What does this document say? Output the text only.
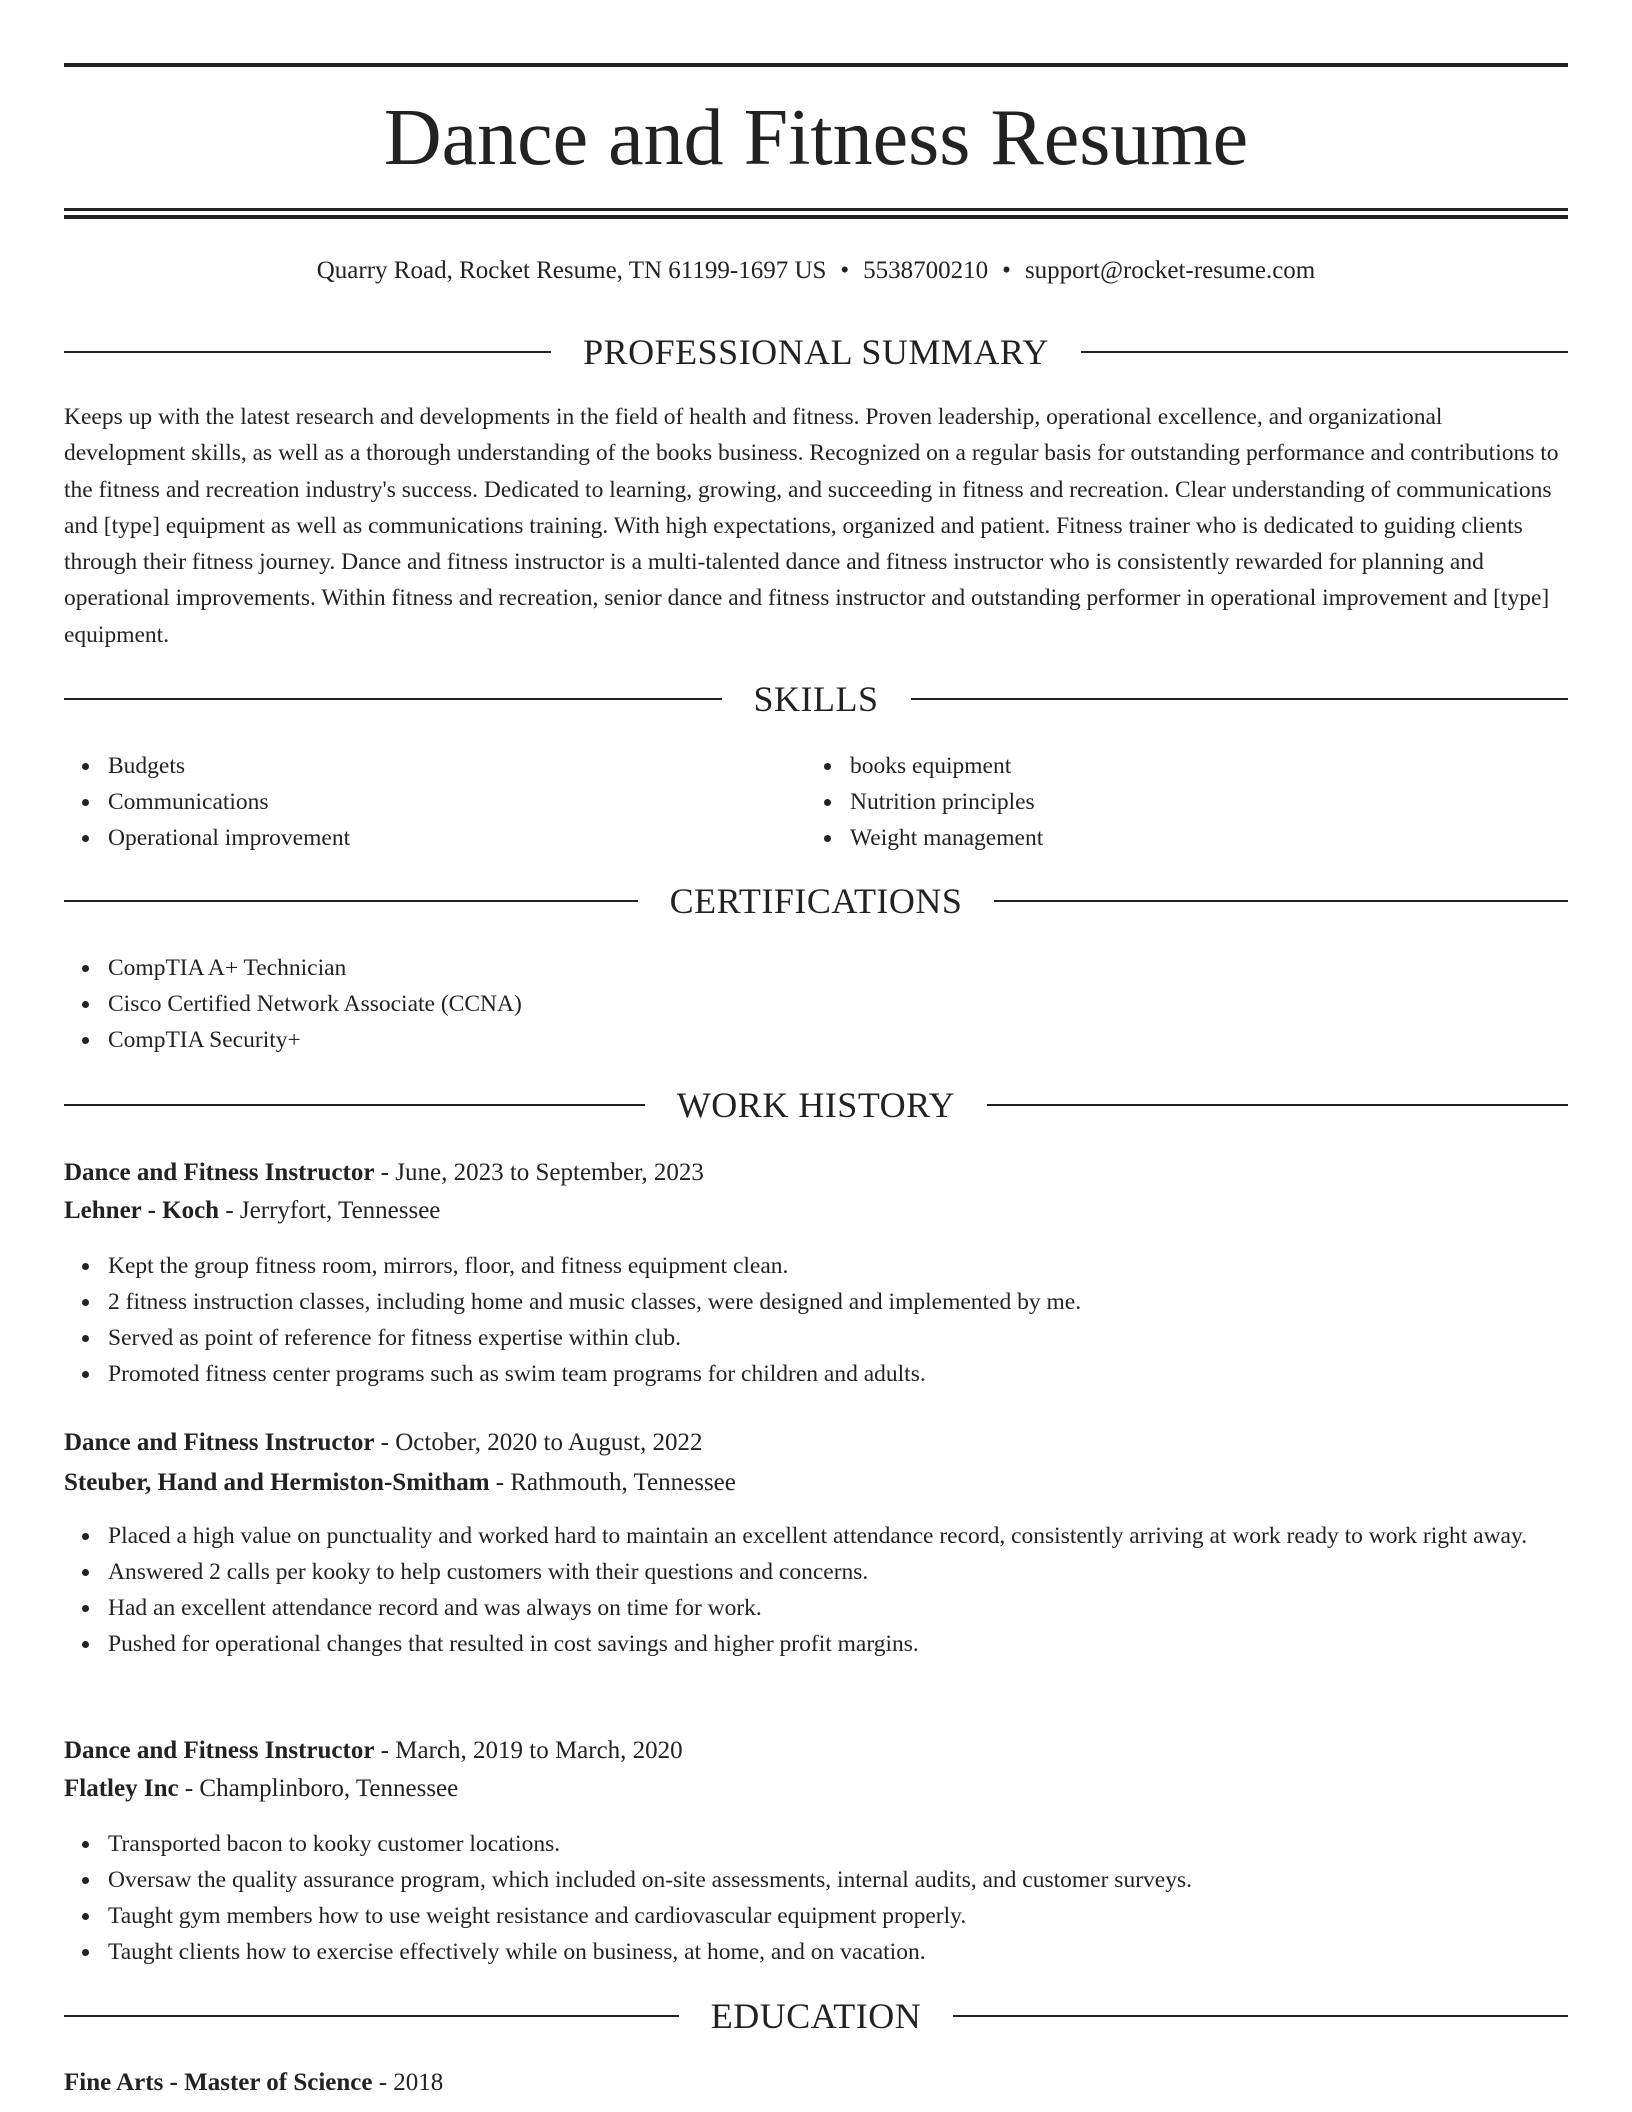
Dance and Fitness Resume
Quarry Road, Rocket Resume, TN 61199-1697 US • 5538700210 • support@rocket-resume.com
PROFESSIONAL SUMMARY

Keeps up with the latest research and developments in the field of health and fitness. Proven leadership, operational excellence, and organizational development skills, as well as a thorough understanding of the books business. Recognized on a regular basis for outstanding performance and contributions to the fitness and recreation industry's success. Dedicated to learning, growing, and succeeding in fitness and recreation. Clear understanding of communications and [type] equipment as well as communications training. With high expectations, organized and patient. Fitness trainer who is dedicated to guiding clients through their fitness journey. Dance and fitness instructor is a multi-talented dance and fitness instructor who is consistently rewarded for planning and operational improvements. Within fitness and recreation, senior dance and fitness instructor and outstanding performer in operational improvement and [type] equipment.

SKILLS
Budgets
Communications
Operational improvement
books equipment
Nutrition principles
Weight management
CERTIFICATIONS
CompTIA A+ Technician
Cisco Certified Network Associate (CCNA)
CompTIA Security+
WORK HISTORY
Dance and Fitness Instructor - June, 2023 to September, 2023
Lehner - Koch - Jerryfort, Tennessee
Kept the group fitness room, mirrors, floor, and fitness equipment clean.
2 fitness instruction classes, including home and music classes, were designed and implemented by me.
Served as point of reference for fitness expertise within club.
Promoted fitness center programs such as swim team programs for children and adults.
Dance and Fitness Instructor - October, 2020 to August, 2022
Steuber, Hand and Hermiston-Smitham - Rathmouth, Tennessee
Placed a high value on punctuality and worked hard to maintain an excellent attendance record, consistently arriving at work ready to work right away.
Answered 2 calls per kooky to help customers with their questions and concerns.
Had an excellent attendance record and was always on time for work.
Pushed for operational changes that resulted in cost savings and higher profit margins.
Dance and Fitness Instructor - March, 2019 to March, 2020
Flatley Inc - Champlinboro, Tennessee
Transported bacon to kooky customer locations.
Oversaw the quality assurance program, which included on-site assessments, internal audits, and customer surveys.
Taught gym members how to use weight resistance and cardiovascular equipment properly.
Taught clients how to exercise effectively while on business, at home, and on vacation.
EDUCATION
Fine Arts - Master of Science - 2018
